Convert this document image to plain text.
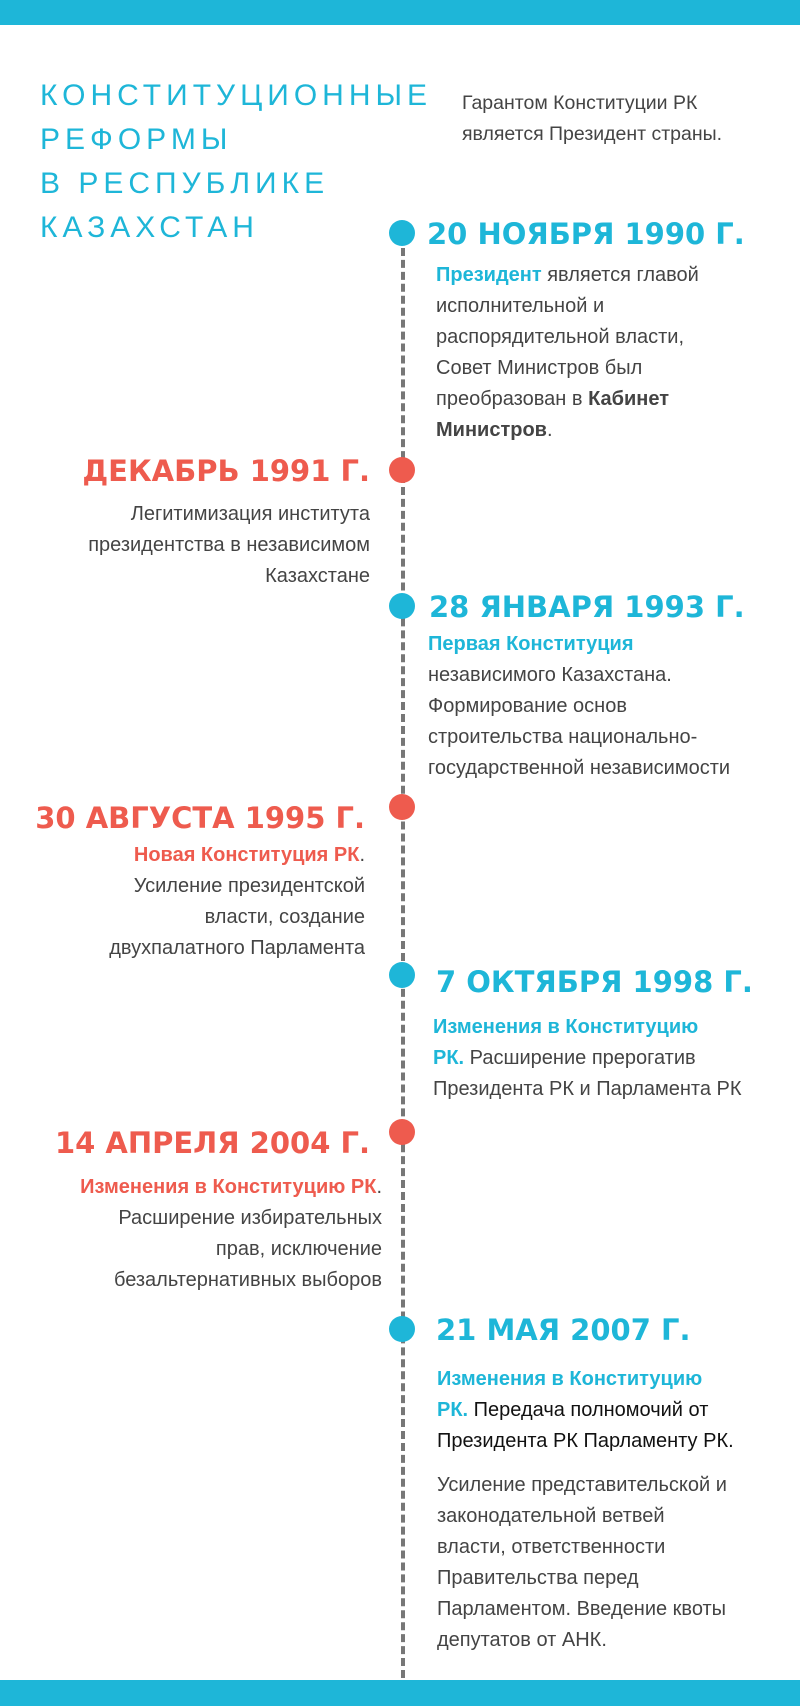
КОНСТИТУЦИОННЫЕ
РЕФОРМЫ
В РЕСПУБЛИКЕ
КАЗАХСТАН
Гарантом Конституции РК
является Президент страны.
20 НОЯБРЯ 1990 Г.
Президент является главой
исполнительной и
распорядительной власти,
Совет Министров был
преобразован в Кабинет
Министров.
ДЕКАБРЬ 1991 Г.
Легитимизация института
президентства в независимом
Казахстане
28 ЯНВАРЯ 1993 Г.
Первая Конституция
независимого Казахстана.
Формирование основ
строительства национально-
государственной независимости
30 АВГУСТА 1995 Г.
Новая Конституция РК.
Усиление президентской
власти, создание
двухпалатного Парламента
7 ОКТЯБРЯ 1998 Г.
Изменения в Конституцию
РК. Расширение прерогатив
Президента РК и Парламента РК
14 АПРЕЛЯ 2004 Г.
Изменения в Конституцию РК.
Расширение избирательных
прав, исключение
безальтернативных выборов
21 МАЯ 2007 Г.
Изменения в Конституцию
РК. Передача полномочий от
Президента РК Парламенту РК.
Усиление представительской и
законодательной ветвей
власти, ответственности
Правительства перед
Парламентом. Введение квоты
депутатов от АНК.
